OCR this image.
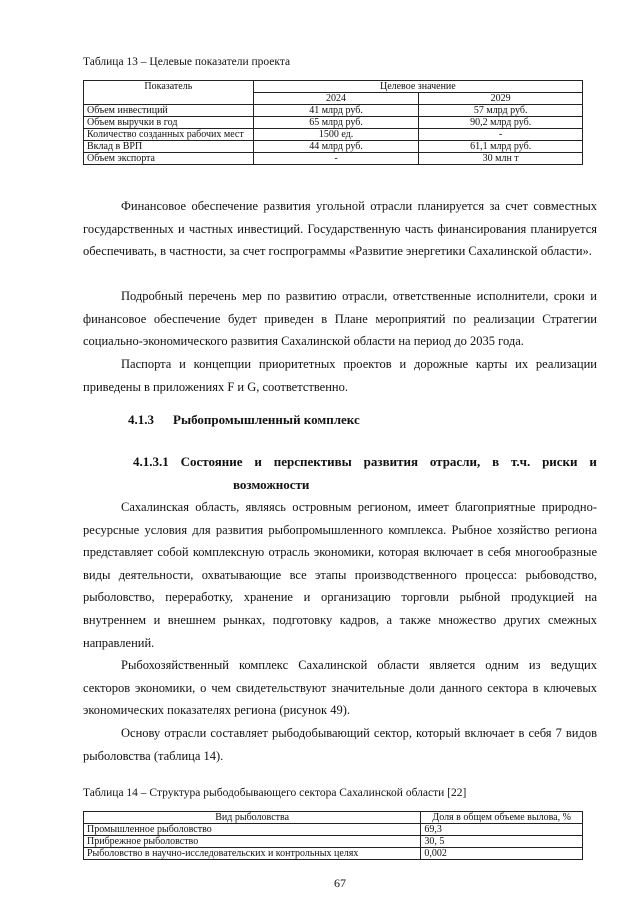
Таблица 13 – Целевые показатели проекта
Показатель	Целевое значение	
	2024	2029
Объем инвестиций	41 млрд руб.	57 млрд руб.
Объем выручки в год	65 млрд руб.	90,2 млрд руб.
Количество созданных рабочих мест	1500 ед.	-
Вклад в ВРП	44 млрд руб.	61,1 млрд руб.
Объем экспорта	-	30 млн т

Финансовое обеспечение развития угольной отрасли планируется за счет совместных государственных и частных инвестиций. Государственную часть финансирования планируется обеспечивать, в частности, за счет госпрограммы «Развитие энергетики Сахалинской области».

Подробный перечень мер по развитию отрасли, ответственные исполнители, сроки и финансовое обеспечение будет приведен в Плане мероприятий по реализации Стратегии социально-экономического развития Сахалинской области на период до 2035 года.

Паспорта и концепции приоритетных проектов и дорожные карты их реализации приведены в приложениях F и G, соответственно.

4.1.3 Рыбопромышленный комплекс
4.1.3.1 Состояние и перспективы развития отрасли, в т.ч. риски и
возможности

Сахалинская область, являясь островным регионом, имеет благоприятные природно-ресурсные условия для развития рыбопромышленного комплекса. Рыбное хозяйство региона представляет собой комплексную отрасль экономики, которая включает в себя многообразные виды деятельности, охватывающие все этапы производственного процесса: рыбоводство, рыболовство, переработку, хранение и организацию торговли рыбной продукцией на внутреннем и внешнем рынках, подготовку кадров, а также множество других смежных направлений.

Рыбохозяйственный комплекс Сахалинской области является одним из ведущих секторов экономики, о чем свидетельствуют значительные доли данного сектора в ключевых экономических показателях региона (рисунок 49).

Основу отрасли составляет рыбодобывающий сектор, который включает в себя 7 видов рыболовства (таблица 14).

Таблица 14 – Структура рыбодобывающего сектора Сахалинской области [22]
Вид рыболовства	Доля в общем объеме вылова, %
Промышленное рыболовство	69,3
Прибрежное рыболовство	30, 5
Рыболовство в научно-исследовательских и контрольных целях	0,002
67
